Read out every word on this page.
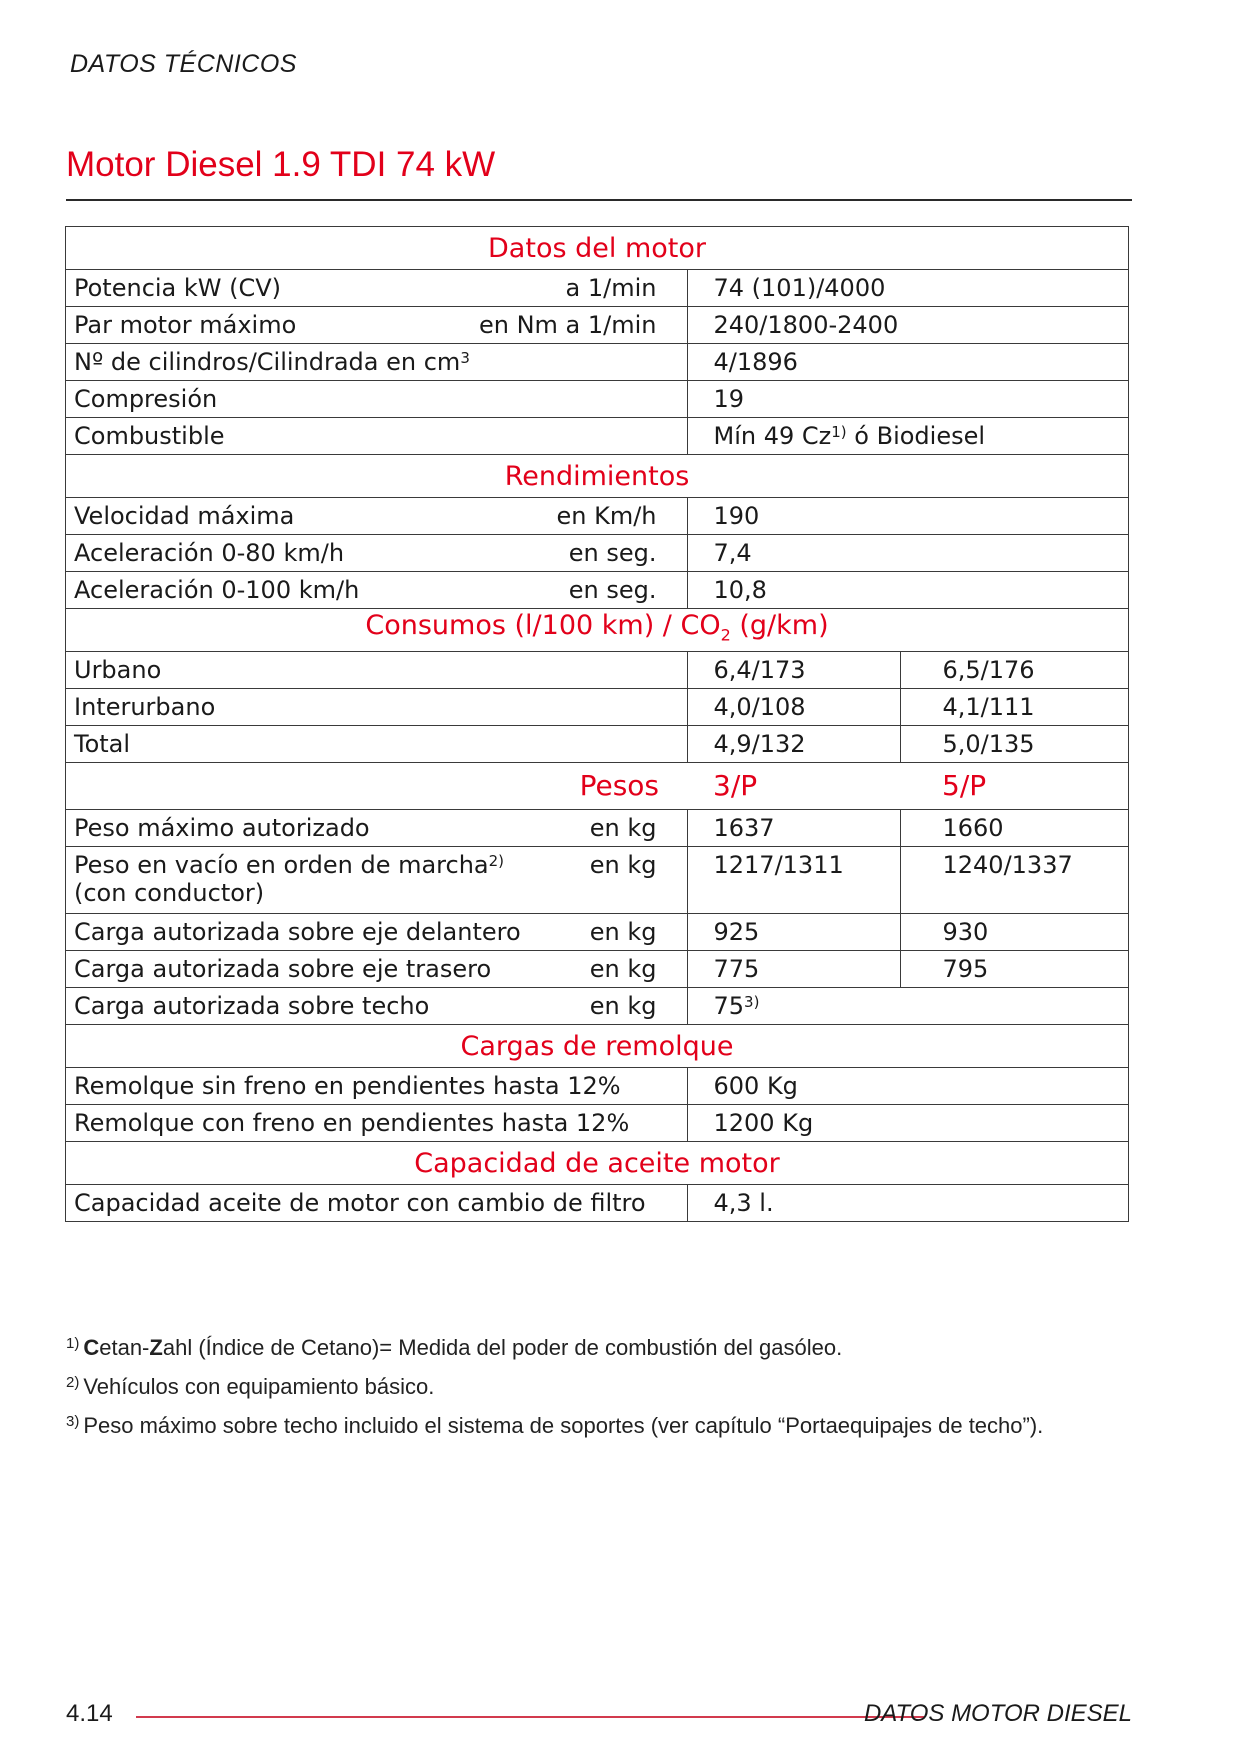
DATOS TÉCNICOS
Motor Diesel 1.9 TDI 74 kW
Datos del motor		

Potencia kW (CV) a 1/min	74 (101)/4000	

Par motor máximo en Nm a 1/min	240/1800-2400	

Nº de cilindros/Cilindrada en $cm^3$	4/1896	

Compresión	19	

Combustible	Mín 49 Cz$^{1)}$ ó Biodiesel	
Rendimientos		

Velocidad máxima en Km/h	190	

Aceleración 0-80 km/h en seg.	7,4	

Aceleración 0-100 km/h en seg.	10,8	
Consumos (l/100 $km) / CO_2$ (g/km)		

Urbano	6,4/173	6,5/176

Interurbano	4,0/108	4,1/111

Total	4,9/132	5,0/135
Pesos	3/P	5/P

Peso máximo autorizado en kg	1637	1660

Peso en vacío en orden de marcha$^{2)}$
(con conductor)
en kg	1217/1311	1240/1337

Carga autorizada sobre eje delantero en kg	925	930

Carga autorizada sobre eje trasero en kg	775	795

Carga autorizada sobre techo en kg	75$^{3)}$
Cargas de remolque		

Remolque sin freno en pendientes hasta 12%	600 Kg	

Remolque con freno en pendientes hasta 12%	1200 Kg	
Capacidad de aceite motor		

Capacidad aceite de motor con cambio de filtro	4,3 l.	
$^{1)}$ Cetan-Zahl (Índice de Cetano)= Medida del poder de combustión del gasóleo.
$^{2)}$ Vehículos con equipamiento básico.
$^{3)}$ Peso máximo sobre techo incluido el sistema de soportes (ver capítulo “Portaequipajes de techo”).
4.14	DATOS MOTOR DIESEL
